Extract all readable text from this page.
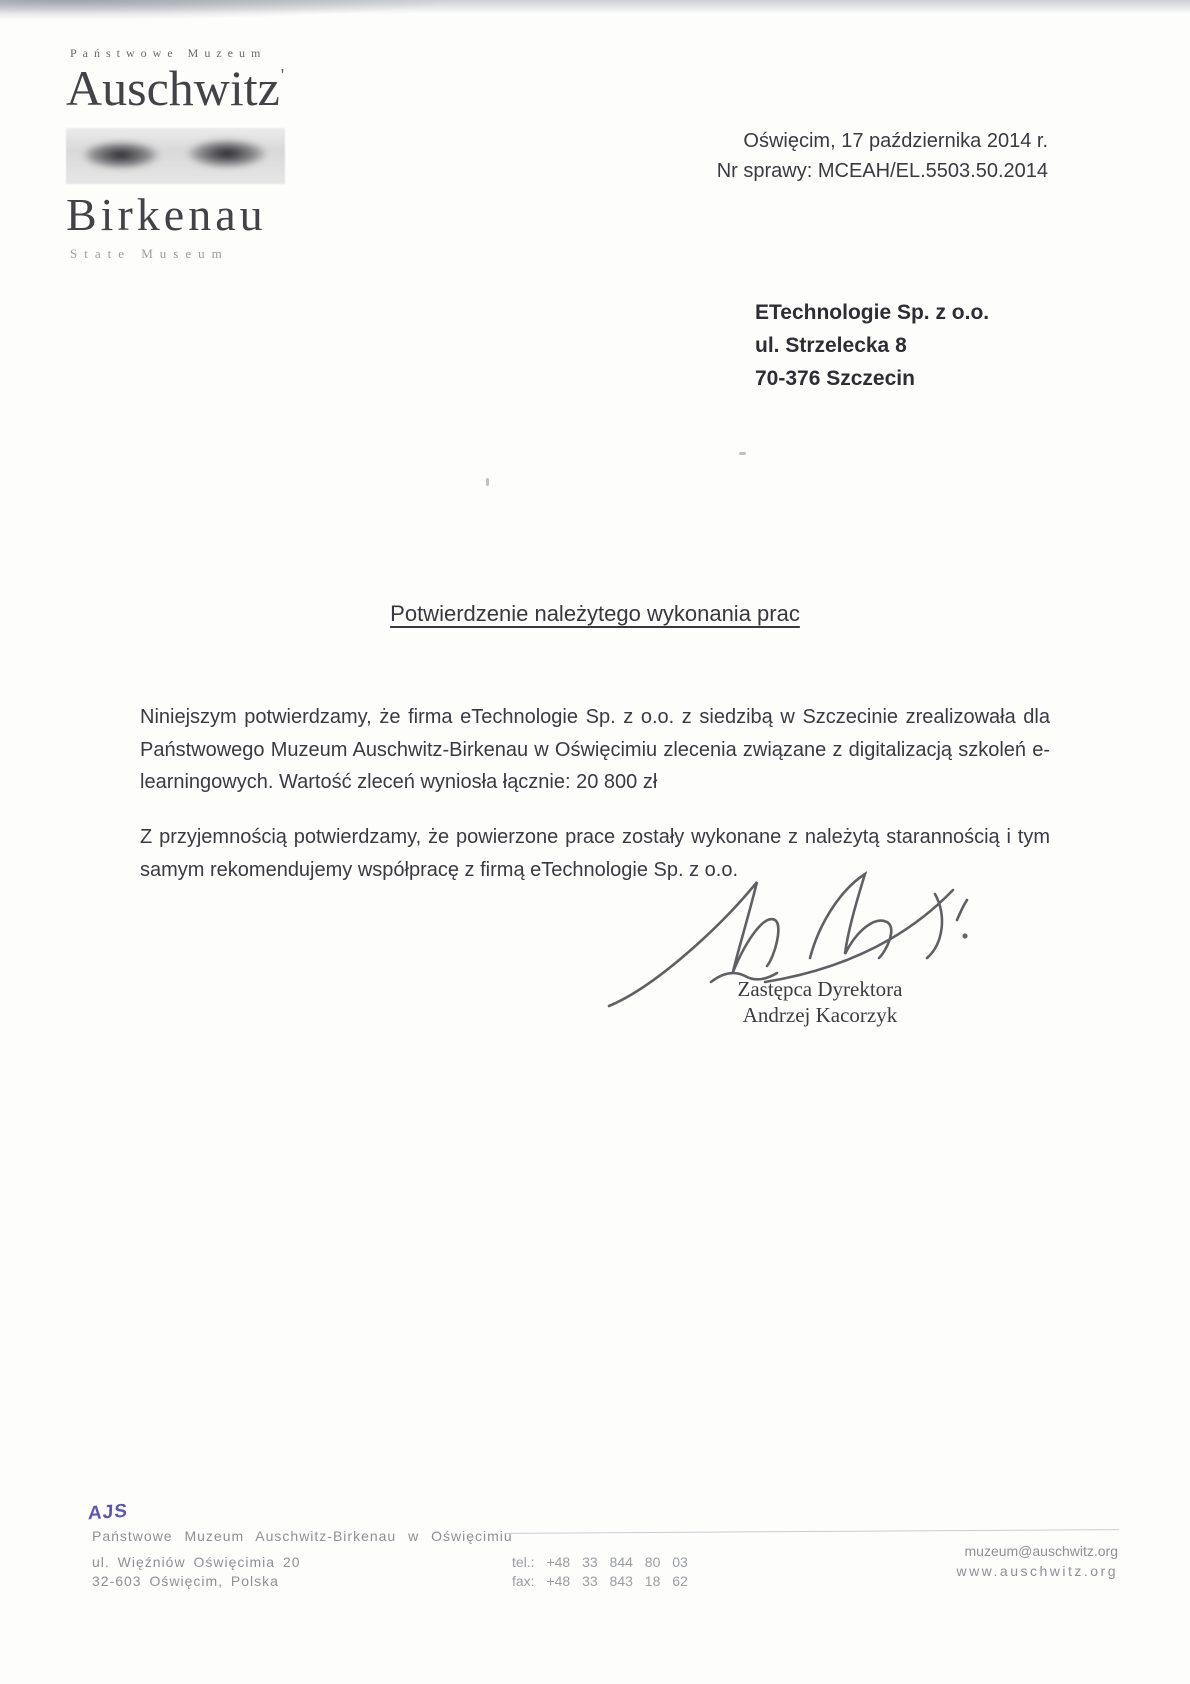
Państwowe Muzeum
Auschwitz'
Birkenau
State Museum
Oświęcim, 17 października 2014 r.
Nr sprawy: MCEAH/EL.5503.50.2014
ETechnologie Sp. z o.o.
ul. Strzelecka 8
70-376 Szczecin
Potwierdzenie należytego wykonania prac

Niniejszym potwierdzamy, że firma eTechnologie Sp. z o.o. z siedzibą w Szczecinie zrealizowała dla Państwowego Muzeum Auschwitz-Birkenau w Oświęcimiu zlecenia związane z digitalizacją szkoleń e-learningowych. Wartość zleceń wyniosła łącznie: 20 800 zł

Z przyjemnością potwierdzamy, że powierzone prace zostały wykonane z należytą starannością i tym samym rekomendujemy współpracę z firmą eTechnologie Sp. z o.o.

Zastępca Dyrektora
Andrzej Kacorzyk
AJS
Państwowe Muzeum Auschwitz-Birkenau w Oświęcimiu
ul. Więźniów Oświęcimia 20
32-603 Oświęcim, Polska
tel.: +48 33 844 80 03
fax: +48 33 843 18 62
muzeum@auschwitz.org
www.auschwitz.org
